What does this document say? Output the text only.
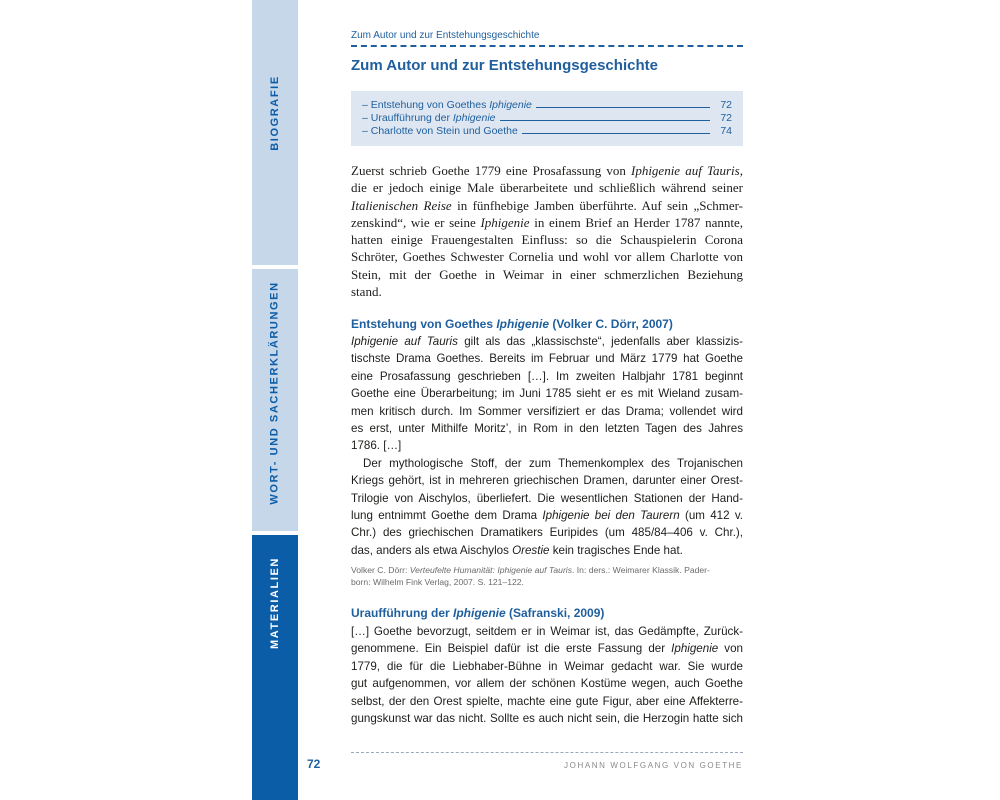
BIOGRAFIE
WORT- UND SACHERKLÄRUNGEN
MATERIALIEN
Zum Autor und zur Entstehungsgeschichte
Zum Autor und zur Entstehungsgeschichte
– Entstehung von Goethes Iphigenie	72
– Uraufführung der Iphigenie	72
– Charlotte von Stein und Goethe	74
Zuerst schrieb Goethe 1779 eine Prosafassung von Iphigenie auf Tauris,
die er jedoch einige Male überarbeitete und schließlich während seiner
Italienischen Reise in fünfhebige Jamben überführte. Auf sein „Schmer-
zenskind“, wie er seine Iphigenie in einem Brief an Herder 1787 nannte,
hatten einige Frauengestalten Einfluss: so die Schauspielerin Corona
Schröter, Goethes Schwester Cornelia und wohl vor allem Charlotte von
Stein, mit der Goethe in Weimar in einer schmerzlichen Beziehung
stand.
Entstehung von Goethes Iphigenie (Volker C. Dörr, 2007)
Iphigenie auf Tauris gilt als das „klassischste“, jedenfalls aber klassizis-
tischste Drama Goethes. Bereits im Februar und März 1779 hat Goethe
eine Prosafassung geschrieben […]. Im zweiten Halbjahr 1781 beginnt
Goethe eine Überarbeitung; im Juni 1785 sieht er es mit Wieland zusam-
men kritisch durch. Im Sommer versifiziert er das Drama; vollendet wird
es erst, unter Mithilfe Moritz’, in Rom in den letzten Tagen des Jahres
1786. […]
Der mythologische Stoff, der zum Themenkomplex des Trojanischen
Kriegs gehört, ist in mehreren griechischen Dramen, darunter einer Orest-
Trilogie von Aischylos, überliefert. Die wesentlichen Stationen der Hand-
lung entnimmt Goethe dem Drama Iphigenie bei den Taurern (um 412 v.
Chr.) des griechischen Dramatikers Euripides (um 485/84–406 v. Chr.),
das, anders als etwa Aischylos Orestie kein tragisches Ende hat.
Volker C. Dörr: Verteufelte Humanität: Iphigenie auf Tauris. In: ders.: Weimarer Klassik. Pader-
born: Wilhelm Fink Verlag, 2007. S. 121–122.
Uraufführung der Iphigenie (Safranski, 2009)
[…] Goethe bevorzugt, seitdem er in Weimar ist, das Gedämpfte, Zurück-
genommene. Ein Beispiel dafür ist die erste Fassung der Iphigenie von
1779, die für die Liebhaber-Bühne in Weimar gedacht war. Sie wurde
gut aufgenommen, vor allem der schönen Kostüme wegen, auch Goethe
selbst, der den Orest spielte, machte eine gute Figur, aber eine Affekterre-
gungskunst war das nicht. Sollte es auch nicht sein, die Herzogin hatte sich
72	JOHANN WOLFGANG VON GOETHE
